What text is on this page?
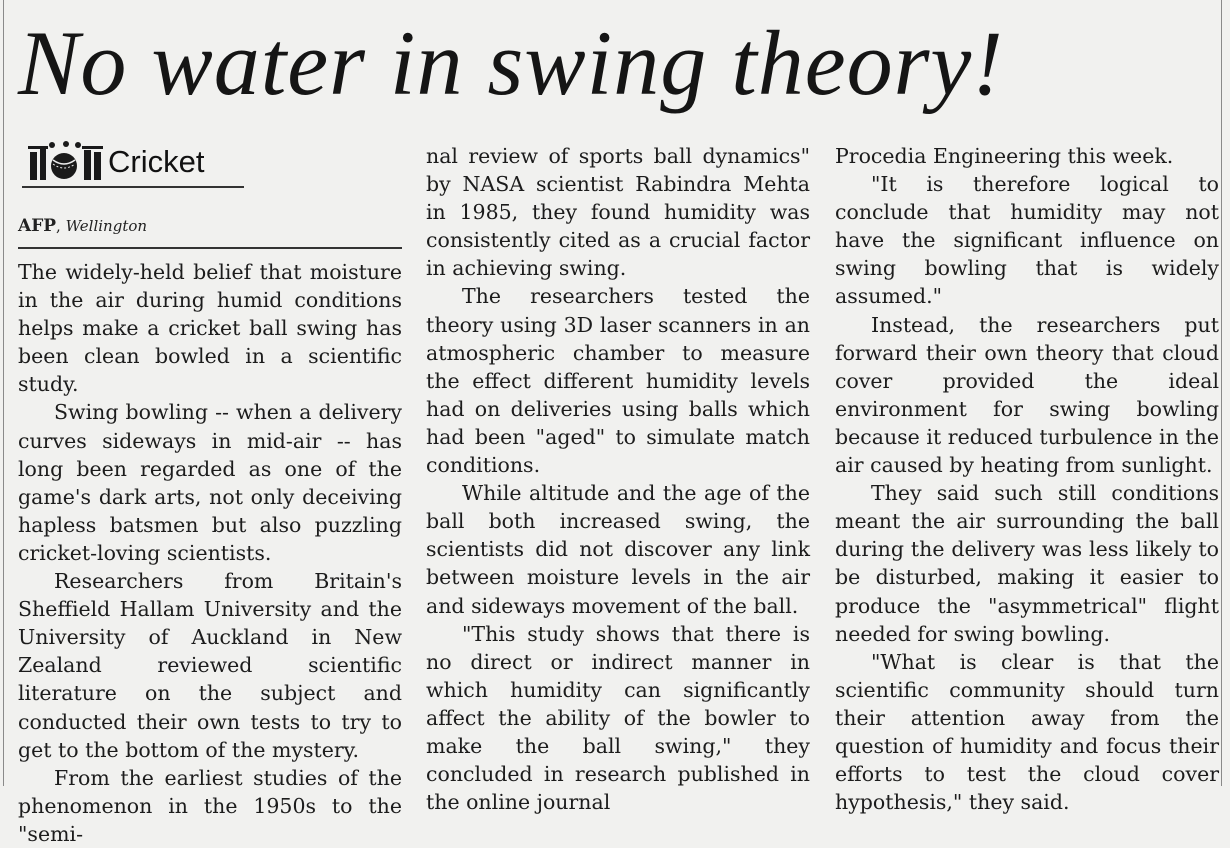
No water in swing theory!
Cricket
AFP, Wellington

The widely-held belief that moisture in the air during humid conditions helps make a cricket ball swing has been clean bowled in a scientific study.

Swing bowling -- when a delivery curves sideways in mid-air -- has long been regarded as one of the game's dark arts, not only deceiving hapless batsmen but also puzzling cricket-loving scientists.

Researchers from Britain's Sheffield Hallam University and the University of Auckland in New Zealand reviewed scientific literature on the subject and conducted their own tests to try to get to the bottom of the mystery.

From the earliest studies of the phenomenon in the 1950s to the "semi-

nal review of sports ball dynamics" by NASA scientist Rabindra Mehta in 1985, they found humidity was consistently cited as a crucial factor in achieving swing.

The researchers tested the theory using 3D laser scanners in an atmospheric chamber to measure the effect different humidity levels had on deliveries using balls which had been "aged" to simulate match conditions.

While altitude and the age of the ball both increased swing, the scientists did not discover any link between moisture levels in the air and sideways movement of the ball.

"This study shows that there is no direct or indirect manner in which humidity can significantly affect the ability of the bowler to make the ball swing," they concluded in research published in the online journal

Procedia Engineering this week.

"It is therefore logical to conclude that humidity may not have the significant influence on swing bowling that is widely assumed."

Instead, the researchers put forward their own theory that cloud cover provided the ideal environment for swing bowling because it reduced turbulence in the air caused by heating from sunlight.

They said such still conditions meant the air surrounding the ball during the delivery was less likely to be disturbed, making it easier to produce the "asymmetrical" flight needed for swing bowling.

"What is clear is that the scientific community should turn their attention away from the question of humidity and focus their efforts to test the cloud cover hypothesis," they said.
